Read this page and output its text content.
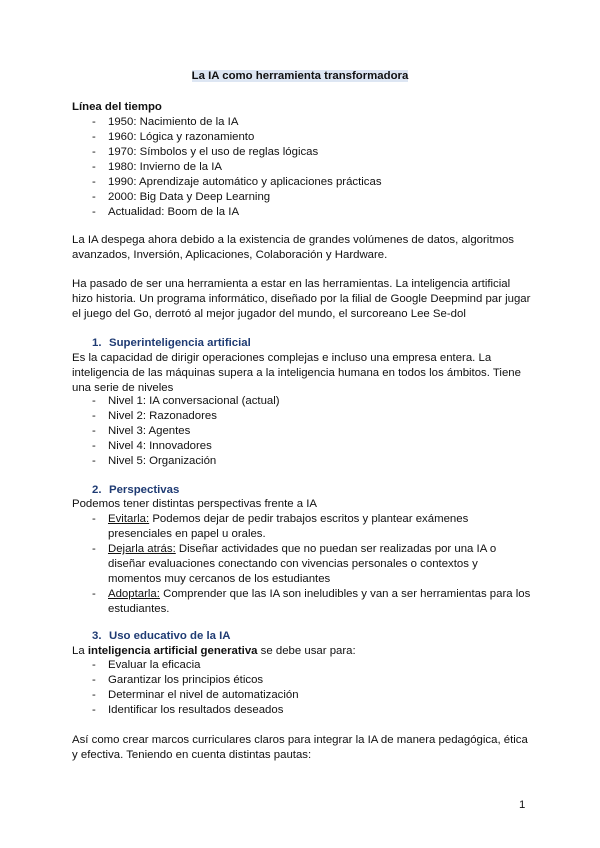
La IA como herramienta transformadora
Línea del tiempo
- 1950: Nacimiento de la IA
- 1960: Lógica y razonamiento
- 1970: Símbolos y el uso de reglas lógicas
- 1980: Invierno de la IA
- 1990: Aprendizaje automático y aplicaciones prácticas
- 2000: Big Data y Deep Learning
- Actualidad: Boom de la IA
La IA despega ahora debido a la existencia de grandes volúmenes de datos, algoritmos avanzados, Inversión, Aplicaciones, Colaboración y Hardware.
Ha pasado de ser una herramienta a estar en las herramientas. La inteligencia artificial hizo historia. Un programa informático, diseñado por la filial de Google Deepmind par jugar el juego del Go, derrotó al mejor jugador del mundo, el surcoreano Lee Se-dol
1. Superinteligencia artificial
Es la capacidad de dirigir operaciones complejas e incluso una empresa entera. La inteligencia de las máquinas supera a la inteligencia humana en todos los ámbitos. Tiene una serie de niveles
- Nivel 1: IA conversacional (actual)
- Nivel 2: Razonadores
- Nivel 3: Agentes
- Nivel 4: Innovadores
- Nivel 5: Organización
2. Perspectivas
Podemos tener distintas perspectivas frente a IA
- Evitarla: Podemos dejar de pedir trabajos escritos y plantear exámenes presenciales en papel u orales.
- Dejarla atrás: Diseñar actividades que no puedan ser realizadas por una IA o diseñar evaluaciones conectando con vivencias personales o contextos y momentos muy cercanos de los estudiantes
- Adoptarla: Comprender que las IA son ineludibles y van a ser herramientas para los estudiantes.
3. Uso educativo de la IA
La inteligencia artificial generativa se debe usar para:
- Evaluar la eficacia
- Garantizar los principios éticos
- Determinar el nivel de automatización
- Identificar los resultados deseados
Así como crear marcos curriculares claros para integrar la IA de manera pedagógica, ética y efectiva. Teniendo en cuenta distintas pautas:
1
